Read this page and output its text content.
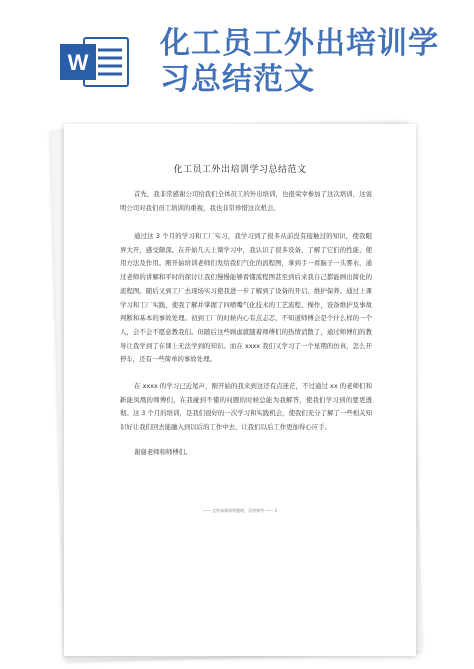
W
化工员工外出培训学习总结范文
化工员工外出培训学习总结范文

首先，我非常感谢公司给我们全体员工的外出培训，也很荣幸参加了这次培训，这说明公司对我们员工培训的重视，我也非常珍惜这次机会。

通过这 3 个月的学习和工厂实习，我学习到了很多从前没有接触过的知识，使我眼界大开，感受颇深。在开始几天上课学习中，我认识了很多设备，了解了它们的性能、使用方法及作用。刚开始培训老师们发给我们气化的流程图，拿到手一看脑子一头雾水，通过老师的讲解和平时的探讨让我们慢慢能够看懂流程图甚至到后来我自己都能画出简化的流程图。随后又到工厂去现场实习使我进一步了解到了设备的开启、维护保养。通过上课学习和工厂实践，使我了解并掌握了四喷嘴气化技术的工艺流程、操作，设备维护及事故判断和基本的事故处理。初到工厂的时候内心有点忐忑，不知道师傅会是个什么样的一个人，会不会不愿意教我们。但随后这些顾虑就随着师傅们的热情消散了，通过师傅们的教导让我学到了在课上无法学到的知识。而在 xxxx 我们又学习了一个星期的仿真，怎么开停车，还有一些简单的事故处理。

在 xxxx 的学习已近尾声，刚开始的我来到这还有点迷茫，不过通过 xx 的老师们和新能凤凰的师傅们，在我碰到不懂的问题的时候总能为我解答，使我们学习到的要更透彻。这 3 个月的培训，是我们很好的一次学习和实践机会，使我们充分了解了一些相关知识好让我们回去能融入到以后的工作中去，让我们以后工作更加得心应手。

谢谢老师和师傅们。

—— 文档来源网络整理，仅供参考 —— 1
